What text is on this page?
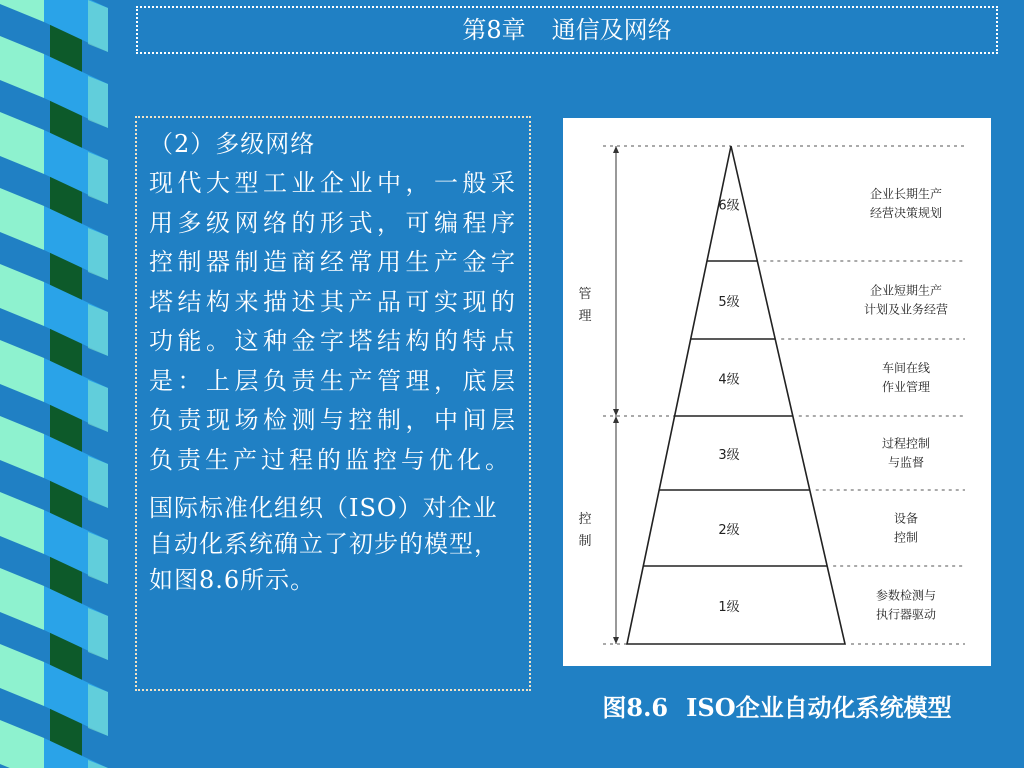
第8章 通信及网络
（2）多级网络

现代大型工业企业中，一般采用多级网络的形式，可编程序控制器制造商经常用生产金字塔结构来描述其产品可实现的功能。这种金字塔结构的特点是：上层负责生产管理，底层负责现场检测与控制，中间层负责生产过程的监控与优化。

国际标准化组织（ISO）对企业自动化系统确立了初步的模型，如图8.6所示。

6级
企业长期生产
经营决策规划
5级
企业短期生产
计划及业务经营
4级
车间在线
作业管理
3级
过程控制
与监督
2级
设备
控制
1级
参数检测与
执行器驱动
管
理
控
制
图8.6 ISO企业自动化系统模型
